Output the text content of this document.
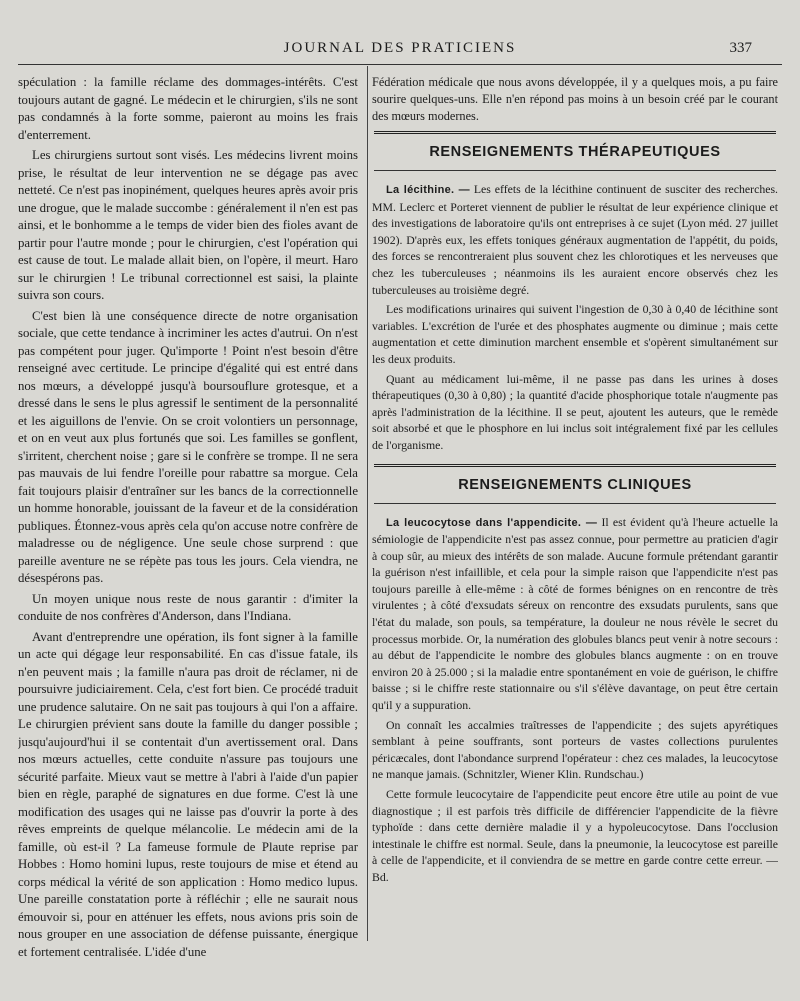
JOURNAL DES PRATICIENS	337

spéculation : la famille réclame des dommages-intérêts. C'est toujours autant de gagné. Le médecin et le chirurgien, s'ils ne sont pas condamnés à la forte somme, paieront au moins les frais d'enterrement.

Les chirurgiens surtout sont visés. Les médecins livrent moins prise, le résultat de leur intervention ne se dégage pas avec netteté. Ce n'est pas inopinément, quelques heures après avoir pris une drogue, que le malade succombe : généralement il n'en est pas ainsi, et le bonhomme a le temps de vider bien des fioles avant de partir pour l'autre monde ; pour le chirurgien, c'est l'opération qui est cause de tout. Le malade allait bien, on l'opère, il meurt. Haro sur le chirurgien ! Le tribunal correctionnel est saisi, la plainte suivra son cours.

C'est bien là une conséquence directe de notre organisation sociale, que cette tendance à incriminer les actes d'autrui. On n'est pas compétent pour juger. Qu'importe ! Point n'est besoin d'être renseigné avec certitude. Le principe d'égalité qui est entré dans nos mœurs, a développé jusqu'à boursouflure grotesque, et a dressé dans le sens le plus agressif le sentiment de la personnalité et les aiguillons de l'envie. On se croit volontiers un personnage, et on en veut aux plus fortunés que soi. Les familles se gonflent, s'irritent, cherchent noise ; gare si le confrère se trompe. Il ne sera pas mauvais de lui fendre l'oreille pour rabattre sa morgue. Cela fait toujours plaisir d'entraîner sur les bancs de la correctionnelle un homme honorable, jouissant de la faveur et de la considération publiques. Étonnez-vous après cela qu'on accuse notre confrère de maladresse ou de négligence. Une seule chose surprend : que pareille aventure ne se répète pas tous les jours. Cela viendra, ne désespérons pas.

Un moyen unique nous reste de nous garantir : d'imiter la conduite de nos confrères d'Anderson, dans l'Indiana.

Avant d'entreprendre une opération, ils font signer à la famille un acte qui dégage leur responsabilité. En cas d'issue fatale, ils n'en peuvent mais ; la famille n'aura pas droit de réclamer, ni de poursuivre judiciairement. Cela, c'est fort bien. Ce procédé traduit une prudence salutaire. On ne sait pas toujours à qui l'on a affaire. Le chirurgien prévient sans doute la famille du danger possible ; jusqu'aujourd'hui il se contentait d'un avertissement oral. Dans nos mœurs actuelles, cette conduite n'assure pas toujours une sécurité parfaite. Mieux vaut se mettre à l'abri à l'aide d'un papier bien en règle, paraphé de signatures en due forme. C'est là une modification des usages qui ne laisse pas d'ouvrir la porte à des rêves empreints de quelque mélancolie. Le médecin ami de la famille, où est-il ? La fameuse formule de Plaute reprise par Hobbes : Homo homini lupus, reste toujours de mise et étend au corps médical la vérité de son application : Homo medico lupus. Une pareille constatation porte à réfléchir ; elle ne saurait nous émouvoir si, pour en atténuer les effets, nous avions pris soin de nous grouper en une association de défense puissante, énergique et fortement centralisée. L'idée d'une

Fédération médicale que nous avons développée, il y a quelques mois, a pu faire sourire quelques-uns. Elle n'en répond pas moins à un besoin créé par le courant des mœurs modernes.

RENSEIGNEMENTS THÉRAPEUTIQUES

La lécithine. — Les effets de la lécithine continuent de susciter des recherches. MM. Leclerc et Porteret viennent de publier le résultat de leur expérience clinique et des investigations de laboratoire qu'ils ont entreprises à ce sujet (Lyon méd. 27 juillet 1902). D'après eux, les effets toniques généraux augmentation de l'appétit, du poids, des forces se rencontreraient plus souvent chez les chlorotiques et les nerveuses que chez les tuberculeuses ; néanmoins ils les auraient encore observés chez les tuberculeuses au troisième degré.

Les modifications urinaires qui suivent l'ingestion de 0,30 à 0,40 de lécithine sont variables. L'excrétion de l'urée et des phosphates augmente ou diminue ; mais cette augmentation et cette diminution marchent ensemble et s'opèrent simultanément sur les deux produits.

Quant au médicament lui-même, il ne passe pas dans les urines à doses thérapeutiques (0,30 à 0,80) ; la quantité d'acide phosphorique totale n'augmente pas après l'administration de la lécithine. Il se peut, ajoutent les auteurs, que le remède soit absorbé et que le phosphore en lui inclus soit intégralement fixé par les cellules de l'organisme.

RENSEIGNEMENTS CLINIQUES

La leucocytose dans l'appendicite. — Il est évident qu'à l'heure actuelle la sémiologie de l'appendicite n'est pas assez connue, pour permettre au praticien d'agir à coup sûr, au mieux des intérêts de son malade. Aucune formule prétendant garantir la guérison n'est infaillible, et cela pour la simple raison que l'appendicite n'est pas toujours pareille à elle-même : à côté de formes bénignes on en rencontre de très virulentes ; à côté d'exsudats séreux on rencontre des exsudats purulents, sans que l'état du malade, son pouls, sa température, la douleur ne nous révèle le secret du processus morbide. Or, la numération des globules blancs peut venir à notre secours : au début de l'appendicite le nombre des globules blancs augmente : on en trouve environ 20 à 25.000 ; si la maladie entre spontanément en voie de guérison, le chiffre baisse ; si le chiffre reste stationnaire ou s'il s'élève davantage, on peut être certain qu'il y a suppuration.

On connaît les accalmies traîtresses de l'appendicite ; des sujets apyrétiques semblant à peine souffrants, sont porteurs de vastes collections purulentes péricæcales, dont l'abondance surprend l'opérateur : chez ces malades, la leucocytose ne manque jamais. (Schnitzler, Wiener Klin. Rundschau.)

Cette formule leucocytaire de l'appendicite peut encore être utile au point de vue diagnostique ; il est parfois très difficile de différencier l'appendicite de la fièvre typhoïde : dans cette dernière maladie il y a hypoleucocytose. Dans l'occlusion intestinale le chiffre est normal. Seule, dans la pneumonie, la leucocytose est pareille à celle de l'appendicite, et il conviendra de se mettre en garde contre cette erreur. — Bd.
